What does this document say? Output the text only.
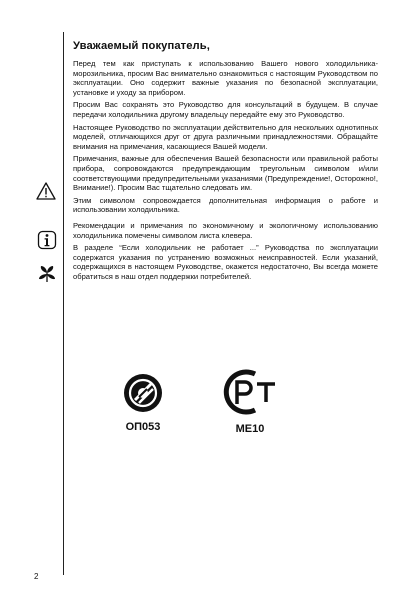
Уважаемый покупатель,

Перед тем как приступать к использованию Вашего нового холодильника-морозильника, просим Вас внимательно ознакомиться с настоящим Руководством по эксплуатации. Оно содержит важные указания по безопасной эксплуатации, установке и уходу за прибором.

Просим Вас сохранять это Руководство для консультаций в будущем. В случае передачи холодильника другому владельцу передайте ему это Руководство.

Настоящее Руководство по эксплуатации действительно для нескольких однотипных моделей, отличающихся друг от друга различными принадлежностями. Обращайте внимания на примечания, касающиеся Вашей модели.

Примечания, важные для обеспечения Вашей безопасности или правильной работы прибора, сопровождаются предупреждающим треугольным символом и/или соответствующими предупредительными указаниями (Предупреждение!, Осторожно!, Внимание!). Просим Вас тщательно следовать им.

Этим символом сопровождается дополнительная информация о работе и использовании холодильника.

Рекомендации и примечания по экономичному и экологичному использованию холодильника помечены символом листа клевера.

В разделе “Если холодильник не работает ...” Руководства по эксплуатации содержатся указания по устранению возможных неисправностей. Если указаний, содержащихся в настоящем Руководстве, окажется недостаточно, Вы всегда можете обратиться в наш отдел поддержки потребителей.

ОП053	МЕ10
2
